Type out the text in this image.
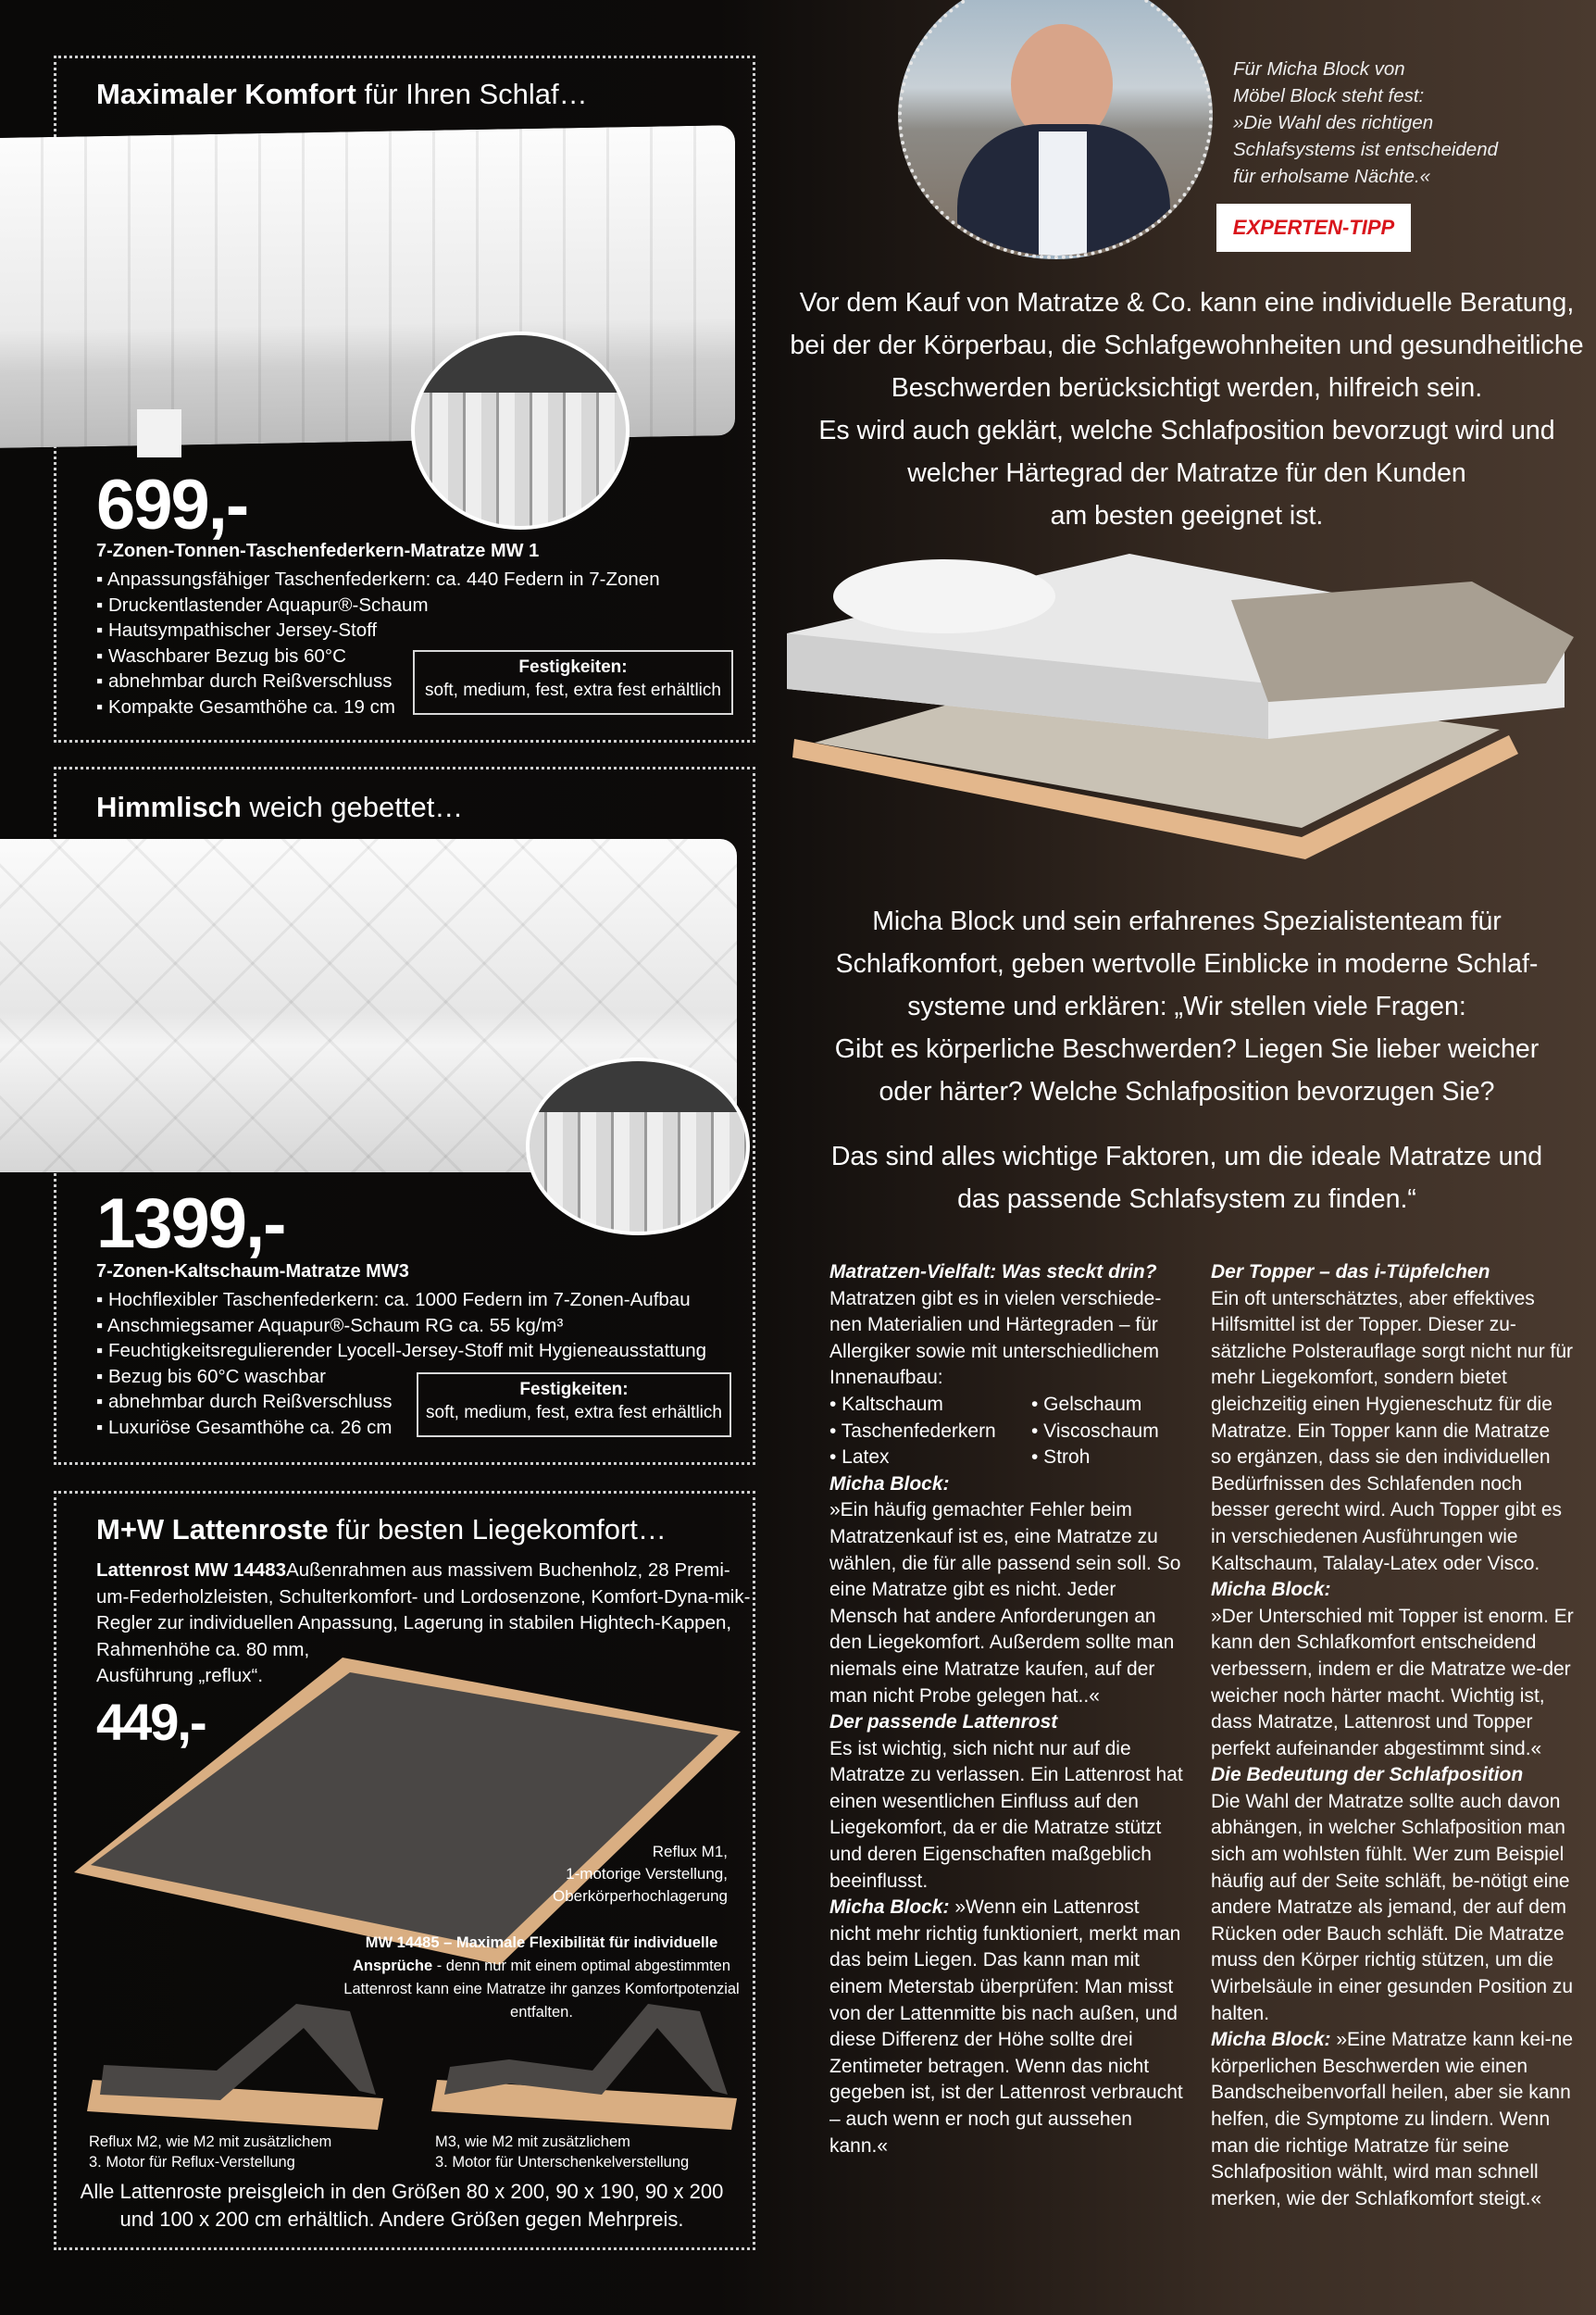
Maximaler Komfort für Ihren Schlaf…
699,-
7-Zonen-Tonnen-Taschenfederkern-Matratze MW 1
▪ Anpassungsfähiger Taschenfederkern: ca. 440 Federn in 7-Zonen
▪ Druckentlastender Aquapur®-Schaum
▪ Hautsympathischer Jersey-Stoff
▪ Waschbarer Bezug bis 60°C
▪ abnehmbar durch Reißverschluss
▪ Kompakte Gesamthöhe ca. 19 cm
Festigkeiten:
soft, medium, fest, extra fest erhältlich
Himmlisch weich gebettet…
1399,-
7-Zonen-Kaltschaum-Matratze MW3
▪ Hochflexibler Taschenfederkern: ca. 1000 Federn im 7-Zonen-Aufbau
▪ Anschmiegsamer Aquapur®-Schaum RG ca. 55 kg/m³
▪ Feuchtigkeitsregulierender Lyocell-Jersey-Stoff mit Hygieneausstattung
▪ Bezug bis 60°C waschbar
▪ abnehmbar durch Reißverschluss
▪ Luxuriöse Gesamthöhe ca. 26 cm
Festigkeiten:
soft, medium, fest, extra fest erhältlich
M+W Lattenroste für besten Liegekomfort…
Lattenrost MW 14483Außenrahmen aus massivem Buchenholz, 28 Premi-um-Federholzleisten, Schulterkomfort- und Lordosenzone, Komfort-Dyna-mik-Regler zur individuellen Anpassung, Lagerung in stabilen Hightech-Kappen, Rahmenhöhe ca. 80 mm,
Ausführung „reflux“.
449,-
Reflux M1,
1-motorige Verstellung,
Oberkörperhochlagerung
MW 14485 – Maximale Flexibilität für individuelle Ansprüche - denn nur mit einem optimal abgestimmten Lattenrost kann eine Matratze ihr ganzes Komfortpotenzial entfalten.
Reflux M2, wie M2 mit zusätzlichem
3. Motor für Reflux-Verstellung
M3, wie M2 mit zusätzlichem
3. Motor für Unterschenkelverstellung
Alle Lattenroste preisgleich in den Größen 80 x 200, 90 x 190, 90 x 200 und 100 x 200 cm erhältlich. Andere Größen gegen Mehrpreis.
Für Micha Block von
Möbel Block steht fest:
»Die Wahl des richtigen
Schlafsystems ist entscheidend
für erholsame Nächte.«
EXPERTEN-TIPP
Vor dem Kauf von Matratze & Co. kann eine individuelle Beratung,
bei der der Körperbau, die Schlafgewohnheiten und gesundheitliche
Beschwerden berücksichtigt werden, hilfreich sein.
Es wird auch geklärt, welche Schlafposition bevorzugt wird und
welcher Härtegrad der Matratze für den Kunden
am besten geeignet ist.
Micha Block und sein erfahrenes Spezialistenteam für
Schlafkomfort, geben wertvolle Einblicke in moderne Schlaf-
systeme und erklären: „Wir stellen viele Fragen:
Gibt es körperliche Beschwerden? Liegen Sie lieber weicher
oder härter? Welche Schlafposition bevorzugen Sie?
Das sind alles wichtige Faktoren, um die ideale Matratze und
das passende Schlafsystem zu finden.“

Matratzen-Vielfalt: Was steckt drin?

Matratzen gibt es in vielen verschiede-nen Materialien und Härtegraden – für Allergiker sowie mit unterschiedlichem Innenaufbau:

• Kaltschaum
• Taschenfederkern
• Latex
• Gelschaum
• Viscoschaum
• Stroh

Micha Block:

»Ein häufig gemachter Fehler beim Matratzenkauf ist es, eine Matratze zu wählen, die für alle passend sein soll. So eine Matratze gibt es nicht. Jeder Mensch hat andere Anforderungen an den Liegekomfort. Außerdem sollte man niemals eine Matratze kaufen, auf der man nicht Probe gelegen hat..«

Der passende Lattenrost

Es ist wichtig, sich nicht nur auf die Matratze zu verlassen. Ein Lattenrost hat einen wesentlichen Einfluss auf den Liegekomfort, da er die Matratze stützt und deren Eigenschaften maßgeblich beeinflusst.

Micha Block: »Wenn ein Lattenrost nicht mehr richtig funktioniert, merkt man das beim Liegen. Das kann man mit einem Meterstab überprüfen: Man misst von der Lattenmitte bis nach außen, und diese Differenz der Höhe sollte drei Zentimeter betragen. Wenn das nicht gegeben ist, ist der Lattenrost verbraucht – auch wenn er noch gut aussehen kann.«

Der Topper – das i-Tüpfelchen

Ein oft unterschätztes, aber effektives Hilfsmittel ist der Topper. Dieser zu-sätzliche Polsterauflage sorgt nicht nur für mehr Liegekomfort, sondern bietet gleichzeitig einen Hygieneschutz für die Matratze. Ein Topper kann die Matratze so ergänzen, dass sie den individuellen Bedürfnissen des Schlafenden noch besser gerecht wird. Auch Topper gibt es in verschiedenen Ausführungen wie Kaltschaum, Talalay-Latex oder Visco.

Micha Block:

»Der Unterschied mit Topper ist enorm. Er kann den Schlafkomfort entscheidend verbessern, indem er die Matratze we-der weicher noch härter macht. Wichtig ist, dass Matratze, Lattenrost und Topper perfekt aufeinander abgestimmt sind.«

Die Bedeutung der Schlafposition

Die Wahl der Matratze sollte auch davon abhängen, in welcher Schlafposition man sich am wohlsten fühlt. Wer zum Beispiel häufig auf der Seite schläft, be-nötigt eine andere Matratze als jemand, der auf dem Rücken oder Bauch schläft. Die Matratze muss den Körper richtig stützen, um die Wirbelsäule in einer gesunden Position zu halten.

Micha Block: »Eine Matratze kann kei-ne körperlichen Beschwerden wie einen Bandscheibenvorfall heilen, aber sie kann helfen, die Symptome zu lindern. Wenn man die richtige Matratze für seine Schlafposition wählt, wird man schnell merken, wie der Schlafkomfort steigt.«
